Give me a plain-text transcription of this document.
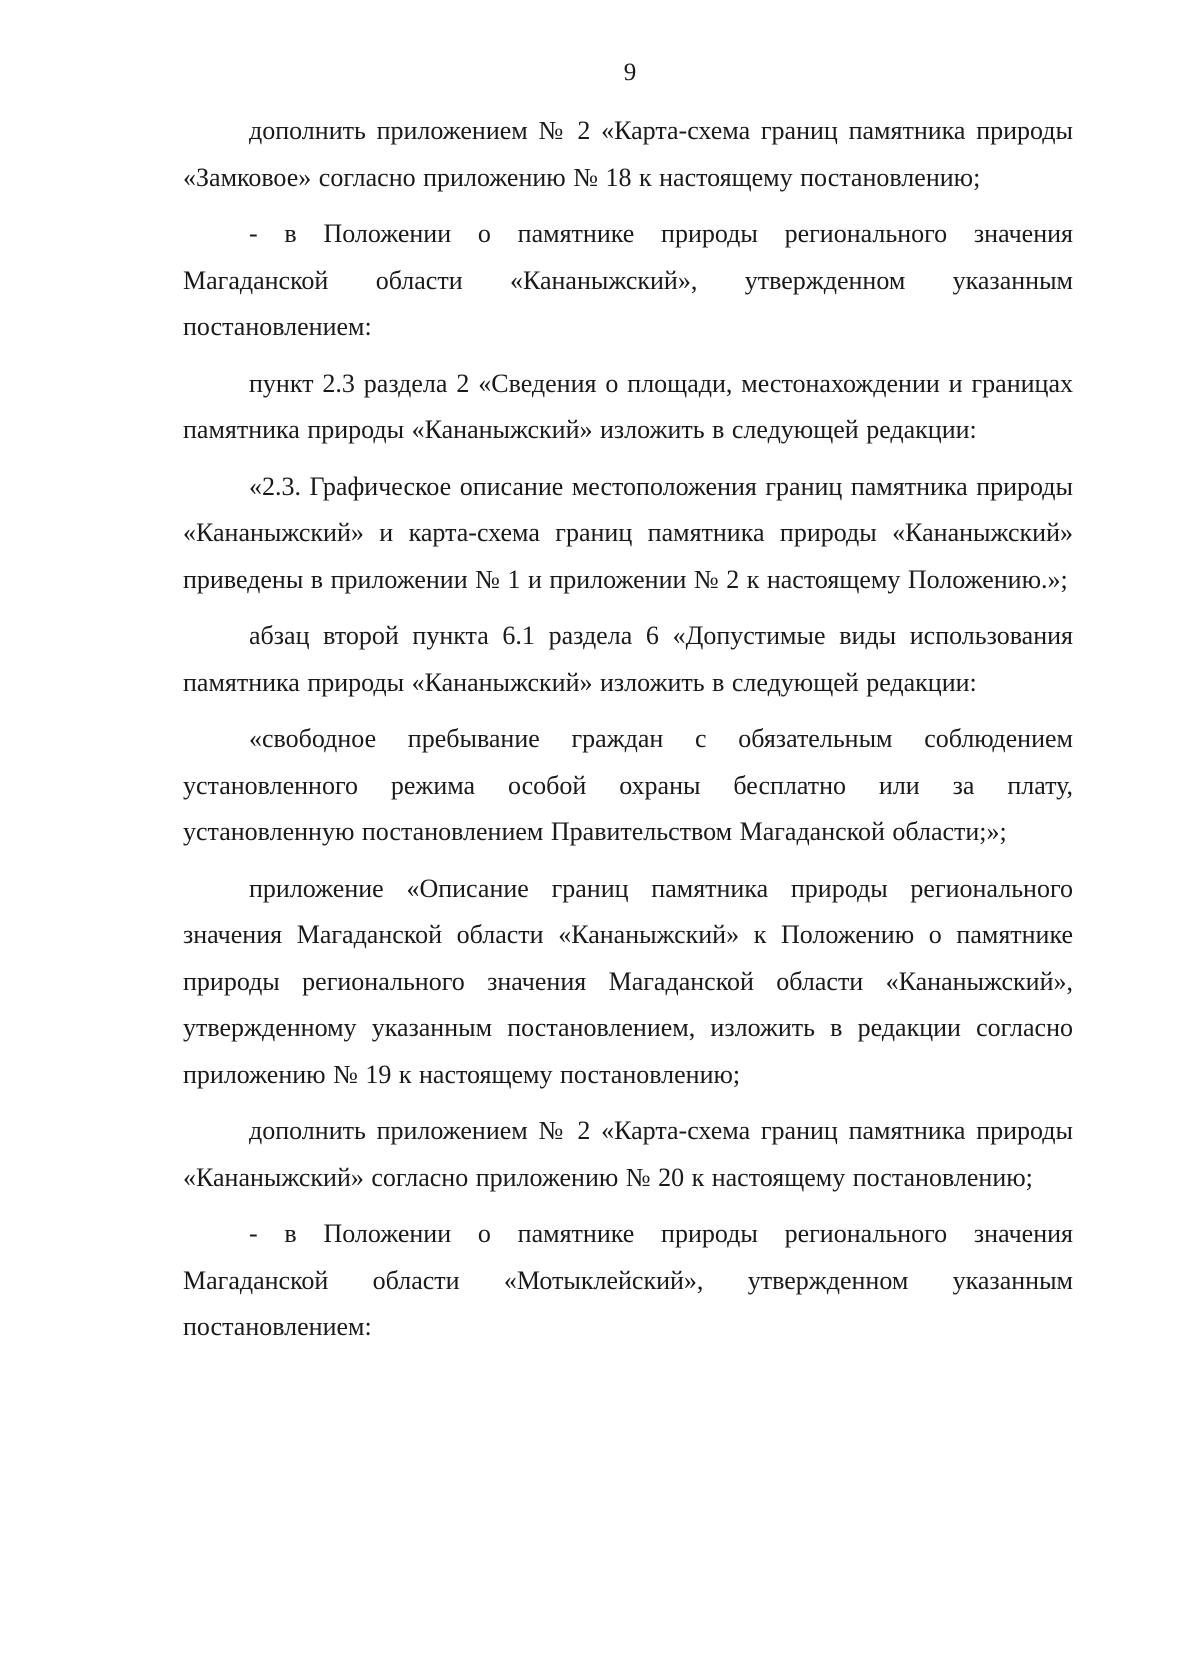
9

дополнить приложением № 2 «Карта-схема границ памятника природы «Замковое» согласно приложению № 18 к настоящему постановлению;

- в Положении о памятнике природы регионального значения Магаданской области «Кананыжский», утвержденном указанным постановлением:

пункт 2.3 раздела 2 «Сведения о площади, местонахождении и границах памятника природы «Кананыжский» изложить в следующей редакции:

«2.3. Графическое описание местоположения границ памятника природы «Кананыжский» и карта-схема границ памятника природы «Кананыжский» приведены в приложении № 1 и приложении № 2 к настоящему Положению.»;

абзац второй пункта 6.1 раздела 6 «Допустимые виды использования памятника природы «Кананыжский» изложить в следующей редакции:

«свободное пребывание граждан с обязательным соблюдением установленного режима особой охраны бесплатно или за плату, установленную постановлением Правительством Магаданской области;»;

приложение «Описание границ памятника природы регионального значения Магаданской области «Кананыжский» к Положению о памятнике природы регионального значения Магаданской области «Кананыжский», утвержденному указанным постановлением, изложить в редакции согласно приложению № 19 к настоящему постановлению;

дополнить приложением № 2 «Карта-схема границ памятника природы «Кананыжский» согласно приложению № 20 к настоящему постановлению;

- в Положении о памятнике природы регионального значения Магаданской области «Мотыклейский», утвержденном указанным постановлением:
